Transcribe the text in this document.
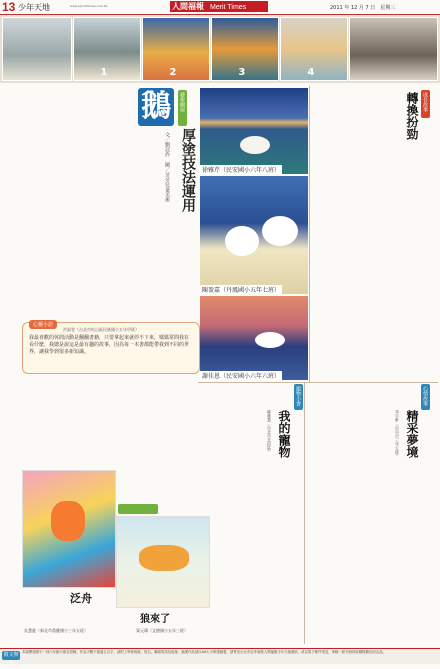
13 少年天地	www.epochtimes.com.tw	人間福報 Merit Times	2011 年 12 月 7 日　星期三
1	2	3	4
鵝	藝術櫥窗
厚塗技法運用
文／劉冠伶　圖／牙牙兒童美術	徐雅芹（民安國小六年八班）
陳盈嘉（丹鳳國小五年七班）
謝佳恩（民安國小六年六班）
成長故事
轉換扮勁
心靈小語
洪淑雯（台北市松山區民族國小五年甲班）
我最喜歡的休閒活動是翻翻書籍，只要拿起來就停不下來，媽媽常問我在看什麼，我總是說這是最有趣的故事，因為每一本書都能帶我到不同的世界，讓我學到很多新知識。
泛舟
吳慧慈（新北市重慶國小三年五班）
狼來了
賀元瑀（文德國小五年三班）
寵物小書
我的寵物
鄭雅慧（台北市北投區）
心情故事
精采夢境
李宇軒（台中市三年五班）
徵文辦法
本版開放國小一到六年級小朋友投稿，作品字數不超過五百字，請附上學校班級、姓名、聯絡電話及地址；繪畫作品請以A4大小紙張繪製，請寄至台北市忠孝東路人間福報少年天地版收，或以電子郵件寄送，來稿一經刊登即致贈稿費及紀念品。
